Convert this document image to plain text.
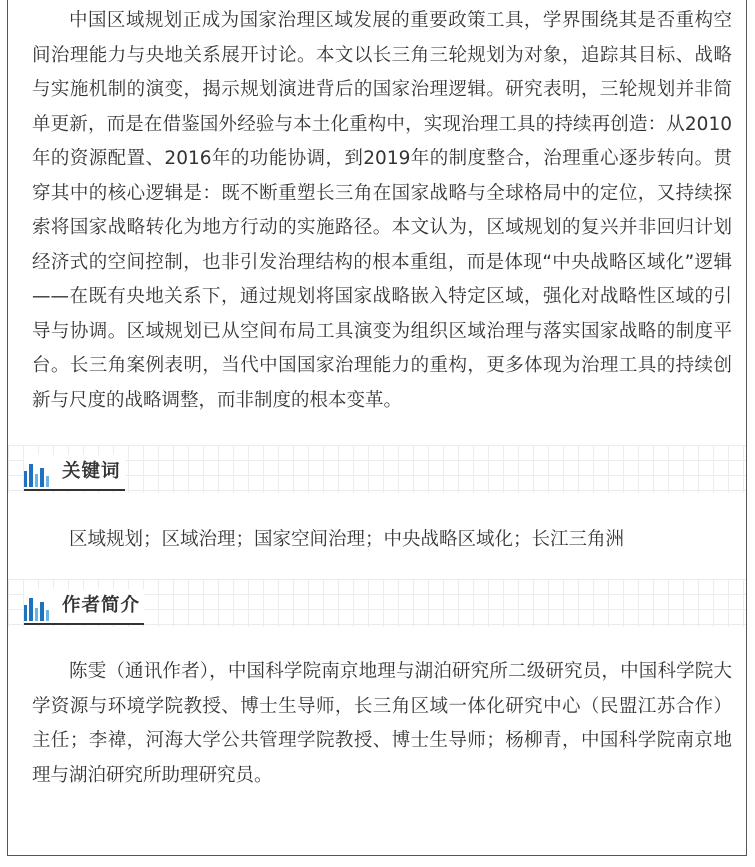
中国区域规划正成为国家治理区域发展的重要政策工具，学界围绕其是否重构空间治理能力与央地关系展开讨论。本文以长三角三轮规划为对象，追踪其目标、战略与实施机制的演变，揭示规划演进背后的国家治理逻辑。研究表明，三轮规划并非简单更新，而是在借鉴国外经验与本土化重构中，实现治理工具的持续再创造：从2010年的资源配置、2016年的功能协调，到2019年的制度整合，治理重心逐步转向。贯穿其中的核心逻辑是：既不断重塑长三角在国家战略与全球格局中的定位，又持续探索将国家战略转化为地方行动的实施路径。本文认为，区域规划的复兴并非回归计划经济式的空间控制，也非引发治理结构的根本重组，而是体现“中央战略区域化”逻辑——在既有央地关系下，通过规划将国家战略嵌入特定区域，强化对战略性区域的引导与协调。区域规划已从空间布局工具演变为组织区域治理与落实国家战略的制度平台。长三角案例表明，当代中国国家治理能力的重构，更多体现为治理工具的持续创新与尺度的战略调整，而非制度的根本变革。

关键词

区域规划；区域治理；国家空间治理；中央战略区域化；长江三角洲

作者简介

陈雯（通讯作者），中国科学院南京地理与湖泊研究所二级研究员，中国科学院大学资源与环境学院教授、博士生导师，长三角区域一体化研究中心（民盟江苏合作）主任；李禕，河海大学公共管理学院教授、博士生导师；杨柳青，中国科学院南京地理与湖泊研究所助理研究员。
